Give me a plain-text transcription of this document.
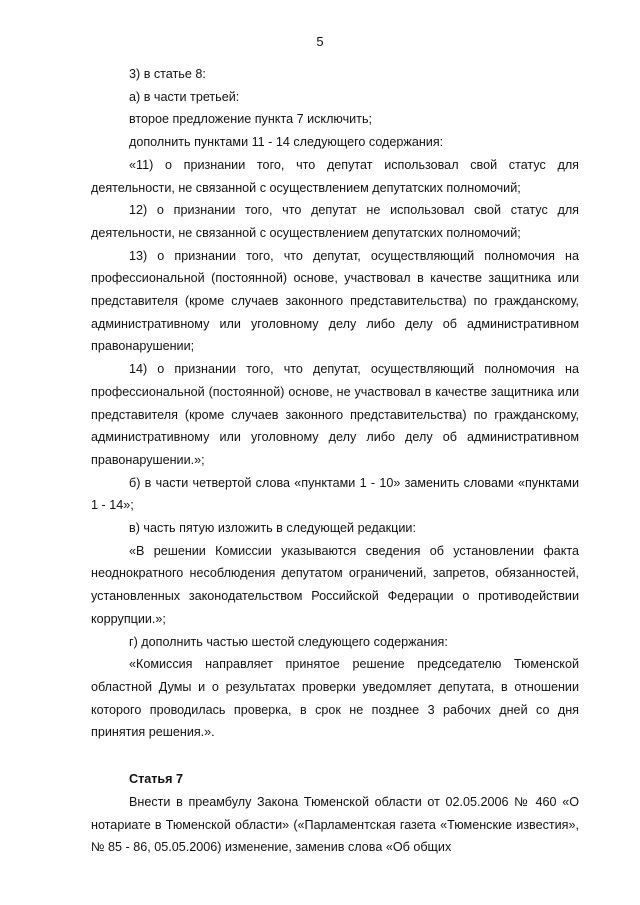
5

3) в статье 8:

а) в части третьей:

второе предложение пункта 7 исключить;

дополнить пунктами 11 - 14 следующего содержания:

«11) о признании того, что депутат использовал свой статус для деятельности, не связанной с осуществлением депутатских полномочий;

12) о признании того, что депутат не использовал свой статус для деятельности, не связанной с осуществлением депутатских полномочий;

13) о признании того, что депутат, осуществляющий полномочия на профессиональной (постоянной) основе, участвовал в качестве защитника или представителя (кроме случаев законного представительства) по гражданскому, административному или уголовному делу либо делу об административном правонарушении;

14) о признании того, что депутат, осуществляющий полномочия на профессиональной (постоянной) основе, не участвовал в качестве защитника или представителя (кроме случаев законного представительства) по гражданскому, административному или уголовному делу либо делу об административном правонарушении.»;

б) в части четвертой слова «пунктами 1 - 10» заменить словами «пунктами 1 - 14»;

в) часть пятую изложить в следующей редакции:

«В решении Комиссии указываются сведения об установлении факта неоднократного несоблюдения депутатом ограничений, запретов, обязанностей, установленных законодательством Российской Федерации о противодействии коррупции.»;

г) дополнить частью шестой следующего содержания:

«Комиссия направляет принятое решение председателю Тюменской областной Думы и о результатах проверки уведомляет депутата, в отношении которого проводилась проверка, в срок не позднее 3 рабочих дней со дня принятия решения.».

Статья 7

Внести в преамбулу Закона Тюменской области от 02.05.2006 № 460 «О нотариате в Тюменской области» («Парламентская газета «Тюменские известия», № 85 - 86, 05.05.2006) изменение, заменив слова «Об общих
